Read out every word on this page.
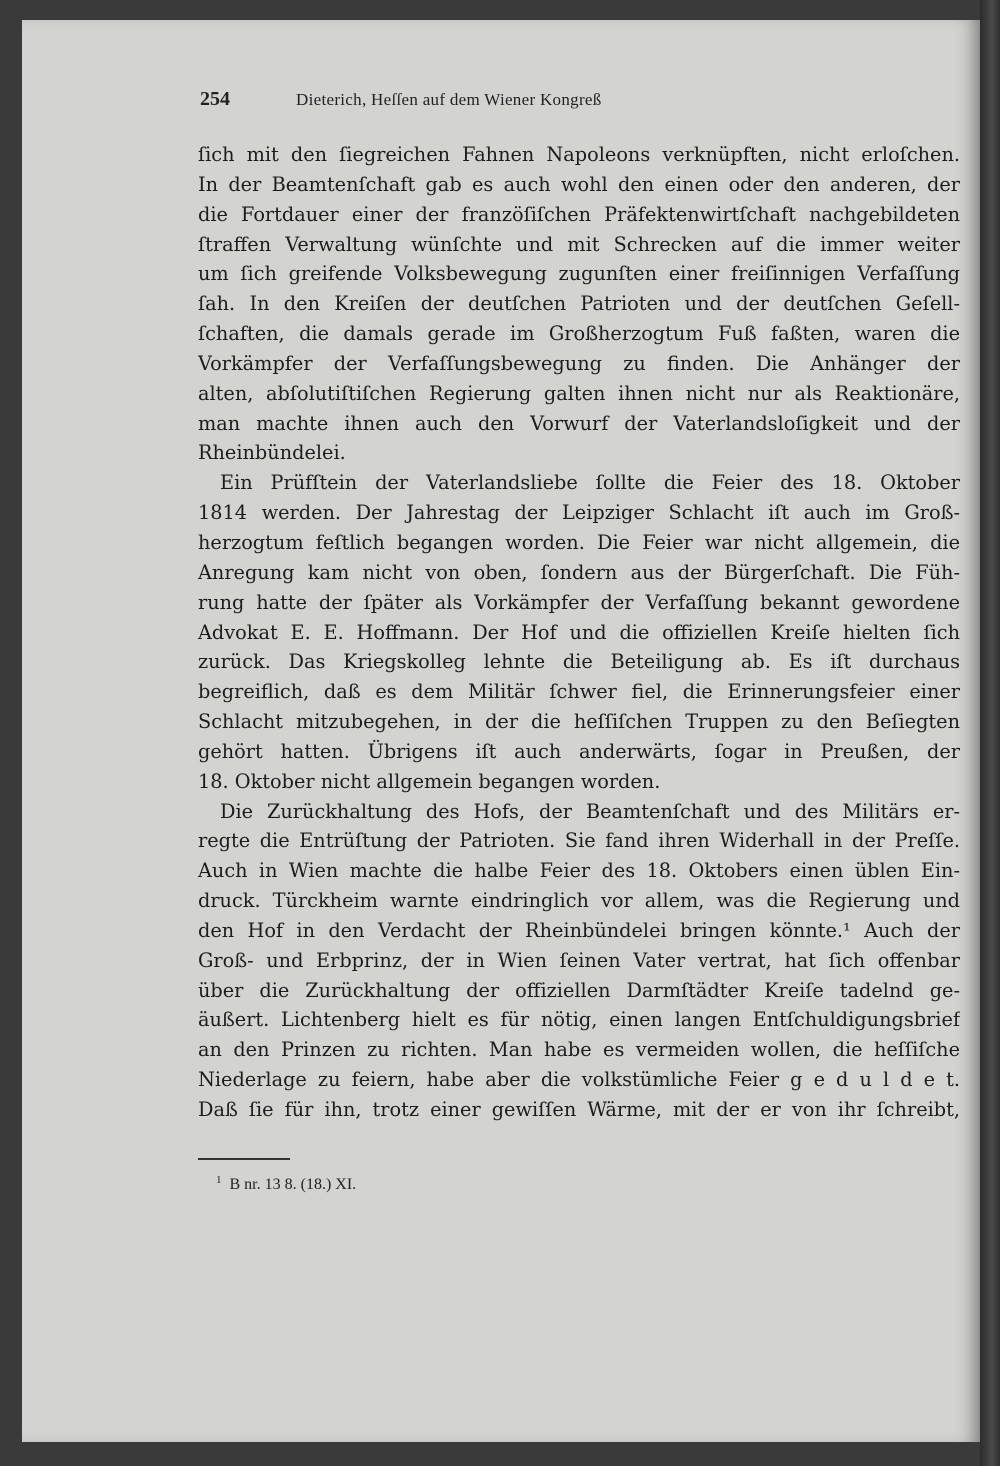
254	Dieterich, Heſſen auf dem Wiener Kongreß
ſich mit den ſiegreichen Fahnen Napoleons verknüpften, nicht erloſchen.
In der Beamtenſchaft gab es auch wohl den einen oder den anderen, der
die Fortdauer einer der franzöſiſchen Präfektenwirtſchaft nachgebildeten
ſtraffen Verwaltung wünſchte und mit Schrecken auf die immer weiter
um ſich greifende Volksbewegung zugunſten einer freiſinnigen Verfaſſung
ſah. In den Kreiſen der deutſchen Patrioten und der deutſchen Geſell-
ſchaften, die damals gerade im Großherzogtum Fuß faßten, waren die
Vorkämpfer der Verfaſſungsbewegung zu finden. Die Anhänger der
alten, abſolutiſtiſchen Regierung galten ihnen nicht nur als Reaktionäre,
man machte ihnen auch den Vorwurf der Vaterlandsloſigkeit und der
Rheinbündelei.
Ein Prüfſtein der Vaterlandsliebe ſollte die Feier des 18. Oktober
1814 werden. Der Jahrestag der Leipziger Schlacht iſt auch im Groß-
herzogtum feſtlich begangen worden. Die Feier war nicht allgemein, die
Anregung kam nicht von oben, ſondern aus der Bürgerſchaft. Die Füh-
rung hatte der ſpäter als Vorkämpfer der Verfaſſung bekannt gewordene
Advokat E. E. Hoffmann. Der Hof und die offiziellen Kreiſe hielten ſich
zurück. Das Kriegskolleg lehnte die Beteiligung ab. Es iſt durchaus
begreiflich, daß es dem Militär ſchwer fiel, die Erinnerungsfeier einer
Schlacht mitzubegehen, in der die heſſiſchen Truppen zu den Beſiegten
gehört hatten. Übrigens iſt auch anderwärts, ſogar in Preußen, der
18. Oktober nicht allgemein begangen worden.
Die Zurückhaltung des Hofs, der Beamtenſchaft und des Militärs er-
regte die Entrüſtung der Patrioten. Sie fand ihren Widerhall in der Preſſe.
Auch in Wien machte die halbe Feier des 18. Oktobers einen üblen Ein-
druck. Türckheim warnte eindringlich vor allem, was die Regierung und
den Hof in den Verdacht der Rheinbündelei bringen könnte.¹ Auch der
Groß- und Erbprinz, der in Wien ſeinen Vater vertrat, hat ſich offenbar
über die Zurückhaltung der offiziellen Darmſtädter Kreiſe tadelnd ge-
äußert. Lichtenberg hielt es für nötig, einen langen Entſchuldigungsbrief
an den Prinzen zu richten. Man habe es vermeiden wollen, die heſſiſche
Niederlage zu feiern, habe aber die volkstümliche Feier g e d u l d e t.
Daß ſie für ihn, trotz einer gewiſſen Wärme, mit der er von ihr ſchreibt,
$^1$ B nr. 13 8. (18.) XI.
